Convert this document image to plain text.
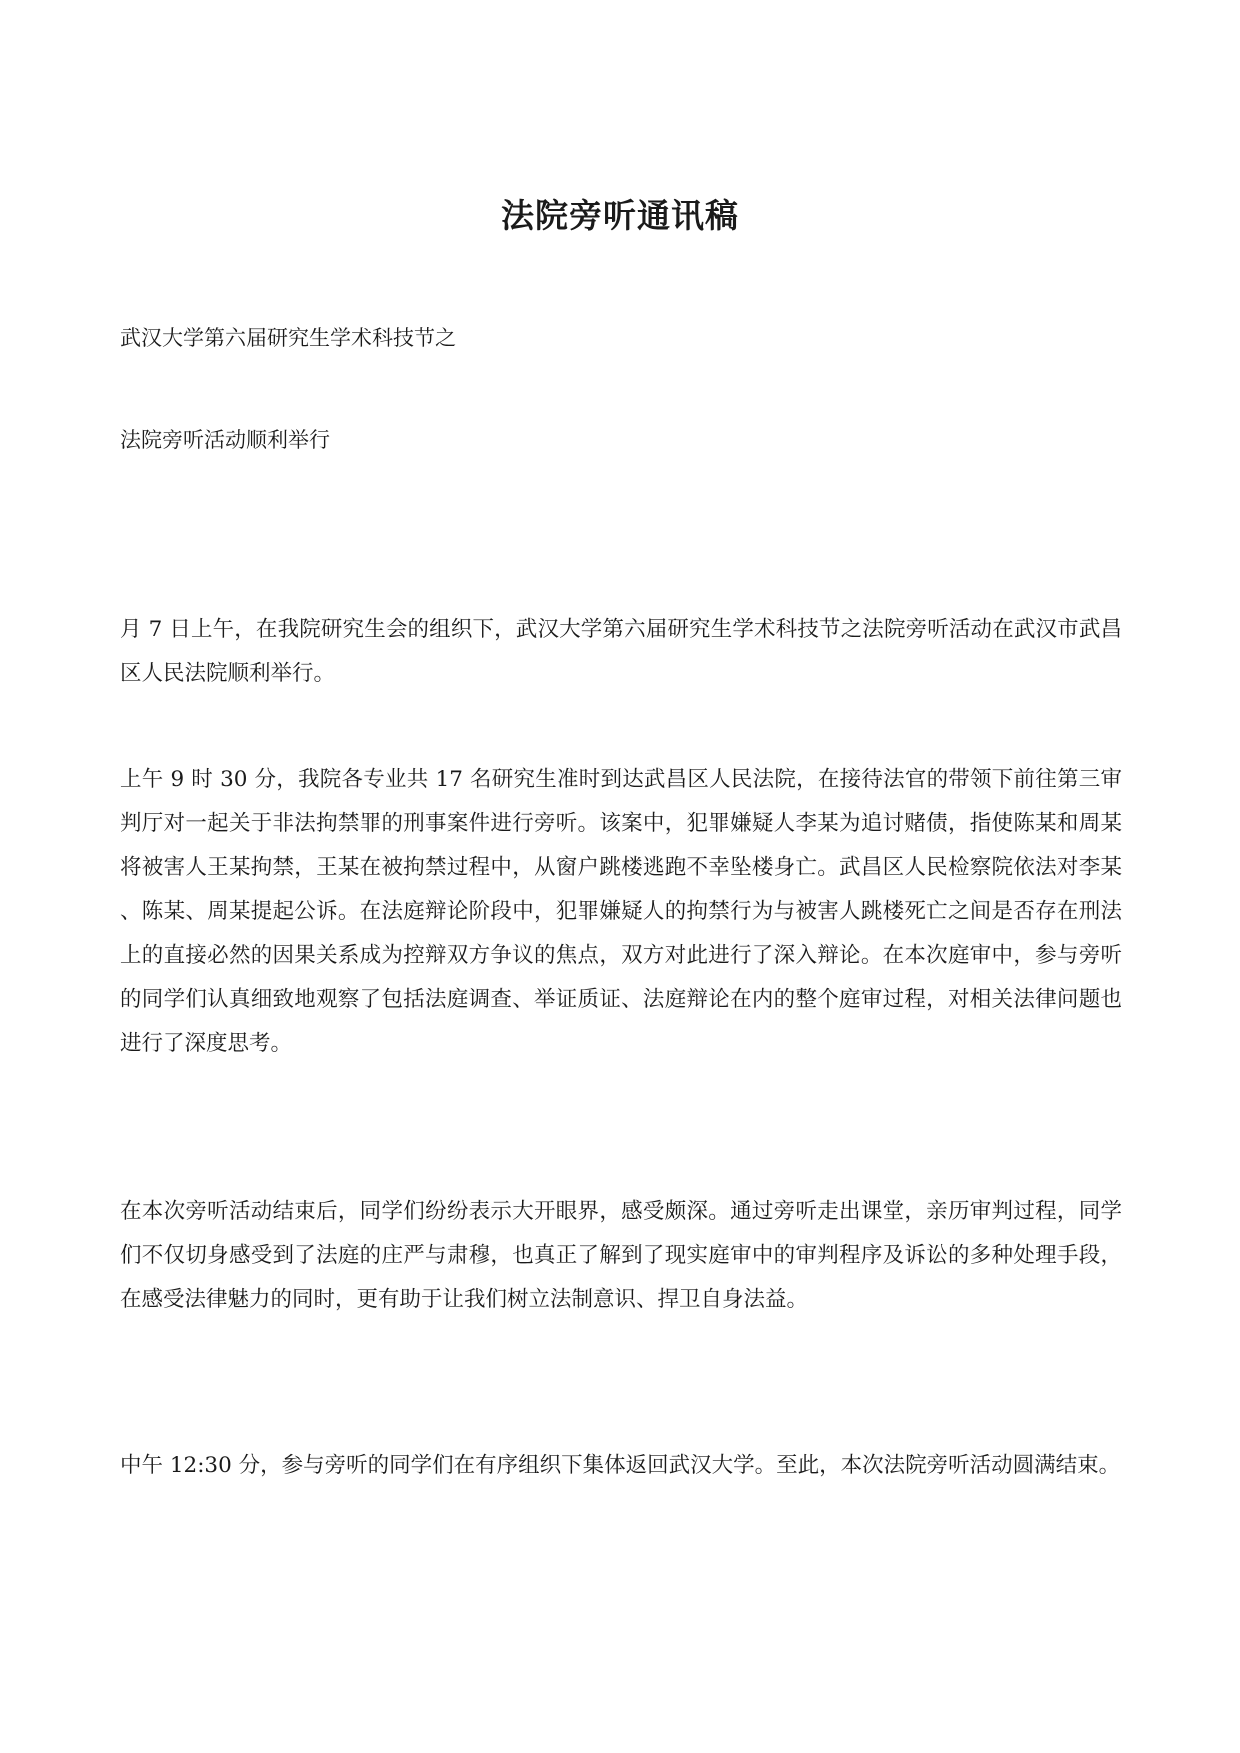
法院旁听通讯稿

武汉大学第六届研究生学术科技节之

法院旁听活动顺利举行

月 7 日上午，在我院研究生会的组织下，武汉大学第六届研究生学术科技节之法院旁听活动在武汉市武昌区人民法院顺利举行。

上午 9 时 30 分，我院各专业共 17 名研究生准时到达武昌区人民法院，在接待法官的带领下前往第三审判厅对一起关于非法拘禁罪的刑事案件进行旁听。该案中，犯罪嫌疑人李某为追讨赌债，指使陈某和周某将被害人王某拘禁，王某在被拘禁过程中，从窗户跳楼逃跑不幸坠楼身亡。武昌区人民检察院依法对李某、陈某、周某提起公诉。在法庭辩论阶段中，犯罪嫌疑人的拘禁行为与被害人跳楼死亡之间是否存在刑法上的直接必然的因果关系成为控辩双方争议的焦点，双方对此进行了深入辩论。在本次庭审中，参与旁听的同学们认真细致地观察了包括法庭调查、举证质证、法庭辩论在内的整个庭审过程，对相关法律问题也进行了深度思考。

在本次旁听活动结束后，同学们纷纷表示大开眼界，感受颇深。通过旁听走出课堂，亲历审判过程，同学们不仅切身感受到了法庭的庄严与肃穆，也真正了解到了现实庭审中的审判程序及诉讼的多种处理手段，在感受法律魅力的同时，更有助于让我们树立法制意识、捍卫自身法益。

中午 12:30 分，参与旁听的同学们在有序组织下集体返回武汉大学。至此，本次法院旁听活动圆满结束。
